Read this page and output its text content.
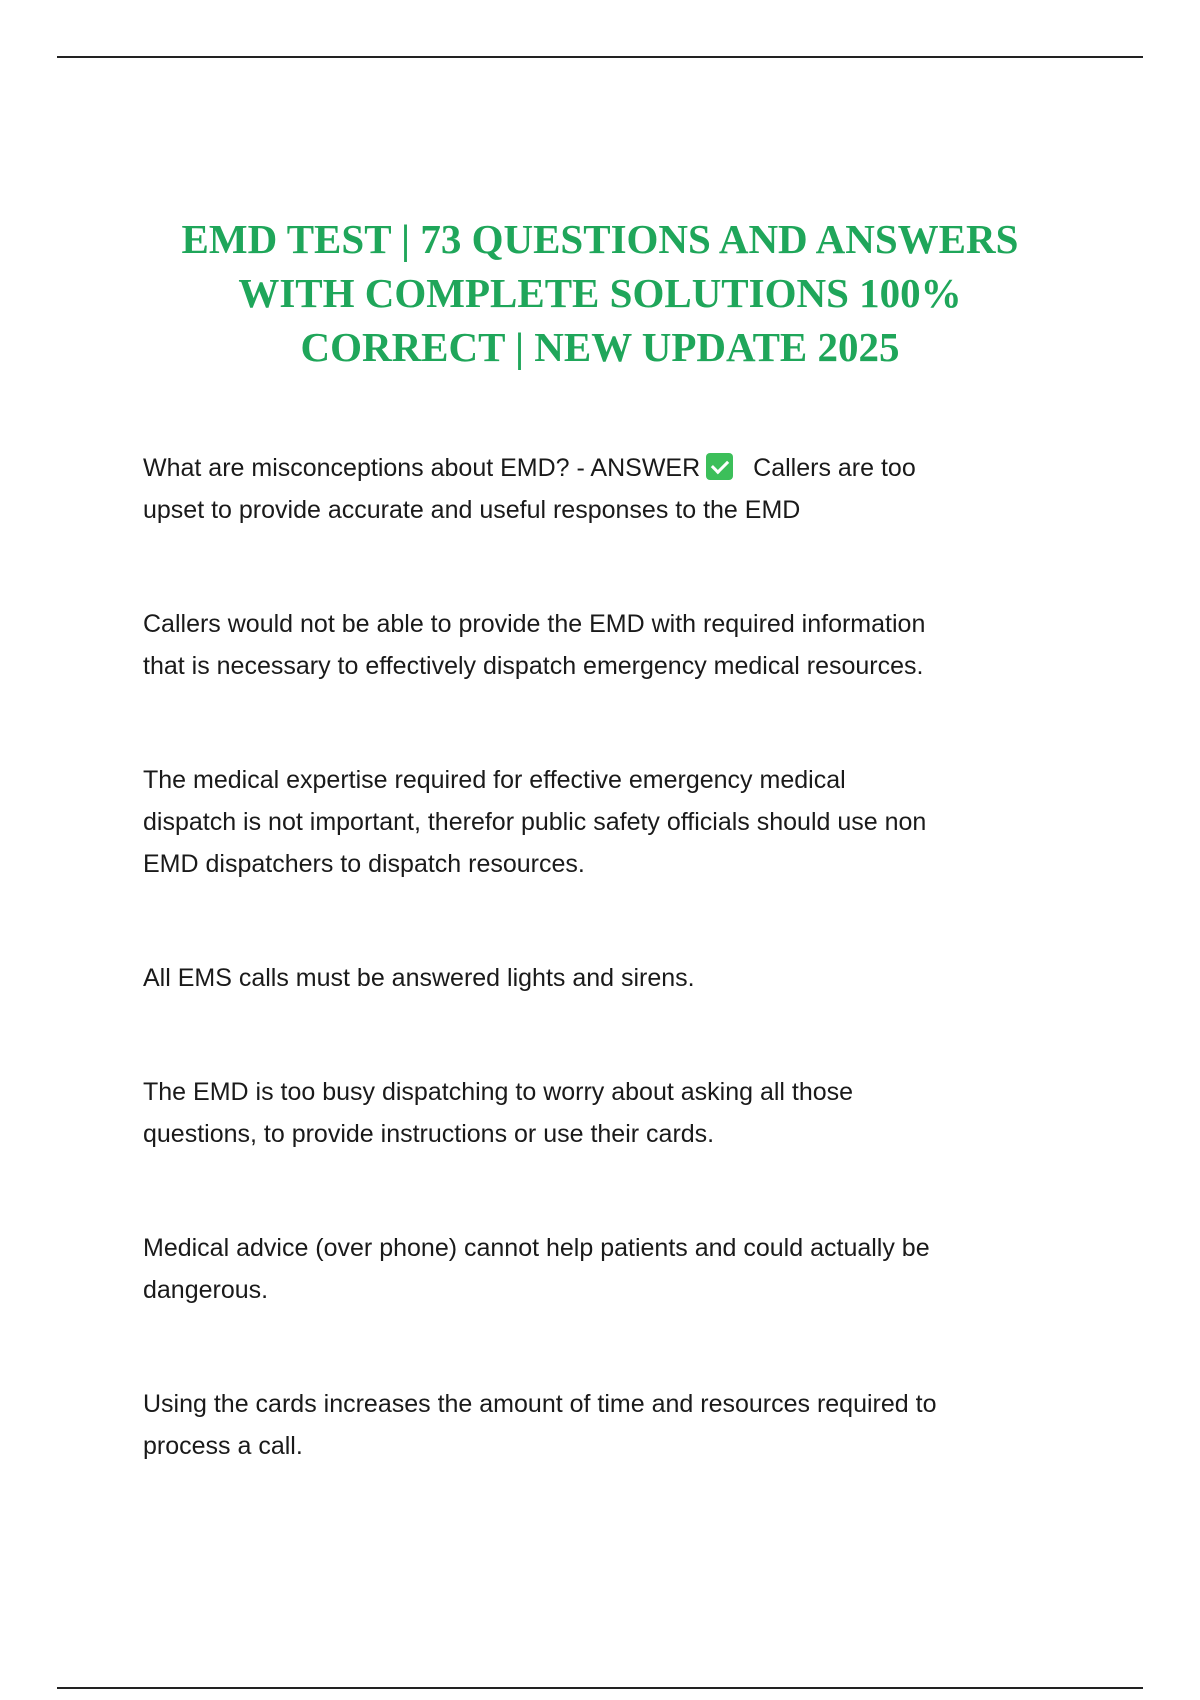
EMD TEST | 73 QUESTIONS AND ANSWERS
WITH COMPLETE SOLUTIONS 100%
CORRECT | NEW UPDATE 2025

What are misconceptions about EMD? - ANSWER Callers are too
upset to provide accurate and useful responses to the EMD

Callers would not be able to provide the EMD with required information
that is necessary to effectively dispatch emergency medical resources.

The medical expertise required for effective emergency medical
dispatch is not important, therefor public safety officials should use non
EMD dispatchers to dispatch resources.

All EMS calls must be answered lights and sirens.

The EMD is too busy dispatching to worry about asking all those
questions, to provide instructions or use their cards.

Medical advice (over phone) cannot help patients and could actually be
dangerous.

Using the cards increases the amount of time and resources required to
process a call.
